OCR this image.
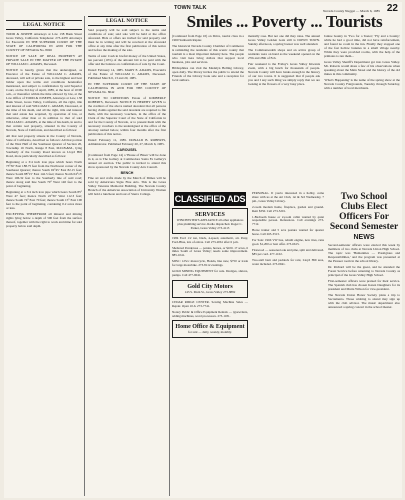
Nevada County Nugget — March 6, 1985 22
LEGAL NOTICE

TODD & JOSEPH Attorneys at Law 138 Bank Street Grass Valley, California Telephone: 273-4476 Attorneys for Executrix IN THE SUPERIOR COURT OF THE STATE OF CALIFORNIA IN AND FOR THE COUNTY OF NEVADA No. 8026

NOTICE OF SALE OF REAL PROPERTY AT PRIVATE SALE IN THE MATTER OF THE ESTATE OF WILLIAM C. ADAMS, Deceased.

NOTICE is hereby given that the undersigned, as Executor of the Estate of WILLIAM C. ADAMS, deceased, will sell at private sale, to the highest and best bidder upon the terms and conditions hereinafter mentioned, and subject to confirmation by said Superior Court, on the 3rd day of April, 1985, at the hour of 10:00 a.m., or thereafter within the time allowed by law, at the Law Office of TODD & JOSEPH, Attorneys at Law, 138 Bank Street, Grass Valley, California, all the right, title and interest of said WILLIAM C. ADAMS, Deceased, at the time of his death, and all the right, title and interest that said estate has acquired, by operation of law, or otherwise, other than or in addition to that of said WILLIAM C. ADAMS, at the time of his death, in and to that certain real property, situated in the County of Nevada, State of California, and described as follows:

All that real property situate in the County of Nevada, State of California, described as follows: All that portion of the West Half of the Southeast Quarter of Section 20, Township 16 North, Range 8 East, M.D.B.&M., lying Southerly of the County Road known as Lloyd Hill Road, more particularly described as follows:

Beginning at a 3/4 inch iron pipe which bears North 73°30' East 188.75 feet from the Northwest corner of the Southeast Quarter; thence South 02°45' East 82.15 feet; thence South 88°15' East 142.5 feet; thence North 04°15' West 106.32 feet to the Southerly line of said road; thence along said line South 70° West 140 feet to the point of beginning.

Beginning at a 3/4 inch iron pipe which bears South 85° West 47 feet; thence North 22°30' West 112.3 feet; thence South 74° East 70 feet; thence South 15° East 100 feet to the point of beginning, containing 0.2 acres more or less.

EXCEPTING THEREFROM all mineral and mining rights lying below a depth of 500 feet from the surface thereof, together with the right to work and mine for said property below said depth.

LEGAL NOTICE

Said property will be sold subject to the terms and conditions of sale; said sale will be held at the office aforesaid. Bids or offers are invited for said property and must be in writing and will be received at the aforesaid office at any time after the first publication of this notice and before the making of the sale.

Terms of sale: Cash in lawful money of the United States, ten percent (10%) of the amount bid to be paid with the offer and the balance on confirmation of sale by the Court.

Dated: February 14, 1985. MARY E. ADAMS, Executrix of the Estate of WILLIAM C. ADAMS, Deceased. Published March 6, 13 and 20, 1985.

IN THE SUPERIOR COURT OF THE STATE OF CALIFORNIA IN AND FOR THE COUNTY OF NEVADA No. 8042

NOTICE TO CREDITORS Estate of KIMBERLY ROBERTS, Deceased. NOTICE IS HEREBY GIVEN to the creditors of the above named decedent that all persons having claims against the said decedent are required to file them, with the necessary vouchers, in the office of the Clerk of the Superior Court of the State of California in and for the County of Nevada, or to present them with the necessary vouchers to the undersigned at the office of the attorney named below, within four months after the first publication of this notice.

Dated: February 11, 1985. DONALD B. ROBERTS, Administrator. Published February 20, 27, March 6, 1985.

CAROUSEL

(Continued from Page 14) a 'House of Blues' will be done in it, as is The Gallery at Commodore Santa Fe Gallery's annual art auction. The public is invited to attend this show sponsored by the Nevada County Arts Council.

BENCH

Fine art and crafts made by the March of Dimes will be sold by Americana Signs Fine Arts. This is the Grass Valley Veterans Memorial Building. The Nevada County Branch of the American Association of University Women will hold a luncheon and tour of Sierra College.

TOWN TALK
Smiles ... Poverty ... Tourists

(Continued from Page 10) on Drive, tourist class in a 1960 Sunbeam Rapier.

The historical Nevada County Chamber of Commerce is reminding the residents of this scenic county that tourism is a most important industry here. The people who visit here bring dollars that support local business, jobs and services.

Bibliophiles can visit the Madelyn Helling Library, open daily. The library invites the public to attend the Friends of the Library book sale and a reception for local authors.

mentally rose. But not one did they raise. The annual Grass Valley Golden Gala still is DOWN TOWN. Sunday afternoon, a spring bazaar was well attended.

The Commonwealth shops and an active group of residents were on hand as the weekend opened on the 27th and 28th of Feb.

Fair weekend is the Friday's Grass Valley Kiwanis event, with a big lunch for thousands of people. Nevada County will have banks enough in the history of our two towns. It is suggested that if people ask you and I any such thing we simply reply that we are looking at the flowers of a very busy place.

Janine bounty in 'Two for a Teeter,' 'Fly and a bounty,' while he had a good time, did not have reinforcement, and found no room in the inn. Finally they stopped one of the fast hollow bunnies in a small village nearby. While they were provided rooms, with the help of the primates to run them...

Grass Valley Sheriff's Department got into Grass Valley. Mr. Roberts would share a few of his observations when speaking about the Main Street and the history of the old mines in this community.

'What's Happening' is the name of the spring show at the Nevada County Fairgrounds, Tuesday through Saturday, with a number of local merchants.

CLASSIFIED ADS
SERVICES
WINCHESTER'S APPLIANCE all other appliances plus plumbing service. Radio dispatched. Roger C. Parker, Grass Valley 273-4113

1984 Ford 1/2 ton, black, 4-speed, automatic, air. Pony, Ford-Blue, lots of extras. Call 273-2061 after 6 p.m.

Sheltered Ponderosa — ponies, horses, or $100. 17 acres, 6 miles South of Grass Valley; needs some improvement. 885-1041.

MISC: 125cc motorcycle, Honda, like new, $750 or trade for large motorbike. 273-8112 evenings.

GOLD MINING EQUIPMENT for sale. Dredges, sluices, pumps. Call 477-9041.

Gold City Motors
143 S. Main St., Grass Valley 273-8882

CEDAR RIDGE CENTER. Sewing Machine Sales — Repair. Open 10-6. 273-7741.

Notary Public & Office Equipment Rentals — typewriters, adding machines, word processors. 273-1181.

Home Office & Equipment
for rent — daily, weekly, monthly.

PERSONAL. If you're interested in a hobby, come share with us at the Art Club, 1st & 3rd Wednesday, 7 pm., Grass Valley Library.

2-room modern home, fireplace, garden and ground. Rent $350. Call 273-5201.

1-Bedroom house or 2-room cabin wanted by quiet responsible person. References. Call evenings 273-7712.

Horse trainer and 5 acre pasture wanted for quarter horse. Call 265-3313.

For Sale: 1966 VW bus, rebuilt engine, new tires, runs good. $1,200 or best offer. 273-6615.

Firewood — seasoned oak and pine, split and delivered. $85 per cord. 477-1102.

Two-stall barn and paddock for rent, Lloyd Hill area, water included. 273-0941.

Two School Clubs Elect Officers For Second Semester
NEWS

Second-semester officers were elected this week by members of two clubs at Nevada Union High School. The topic was 'Humanities — Prestigious and Responsibilities,' and the program was presented at the Pioneer room in the school library.

Dr. Richard will be the guest, and he attended the Forest Service before returning to Nevada County as principal of the Grass Valley High School.

First-semester officers were praised for their service. The Spanish club has chosen Karen Daughters for its president and Maria Wilson for vice-president.

The Nevada Union Honor Society plans a trip to Sacramento. Those wishing to attend may sign up with the club advisor. The music department also announced a spring concert in the school theater.
